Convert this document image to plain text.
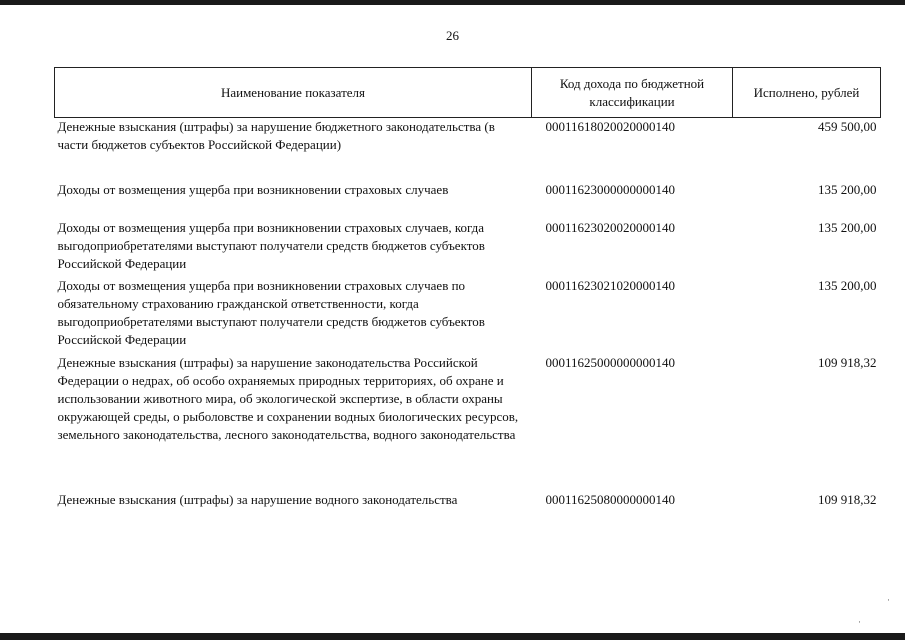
26
Наименование показателя	Код дохода по бюджетной классификации	Исполнено, рублей
Денежные взыскания (штрафы) за нарушение бюджетного законодательства (в части бюджетов субъектов Российской Федерации)	00011618020020000140	459 500,00
Доходы от возмещения ущерба при возникновении страховых случаев	00011623000000000140	135 200,00
Доходы от возмещения ущерба при возникновении страховых случаев, когда выгодоприобретателями выступают получатели средств бюджетов субъектов Российской Федерации	00011623020020000140	135 200,00
Доходы от возмещения ущерба при возникновении страховых случаев по обязательному страхованию гражданской ответственности, когда выгодоприобретателями выступают получатели средств бюджетов субъектов Российской Федерации	00011623021020000140	135 200,00
Денежные взыскания (штрафы) за нарушение законодательства Российской Федерации о недрах, об особо охраняемых природных территориях, об охране и использовании животного мира, об экологической экспертизе, в области охраны окружающей среды, о рыболовстве и сохранении водных биологических ресурсов, земельного законодательства, лесного законодательства, водного законодательства	00011625000000000140	109 918,32
Денежные взыскания (штрафы) за нарушение водного законодательства	00011625080000000140	109 918,32
·
·
